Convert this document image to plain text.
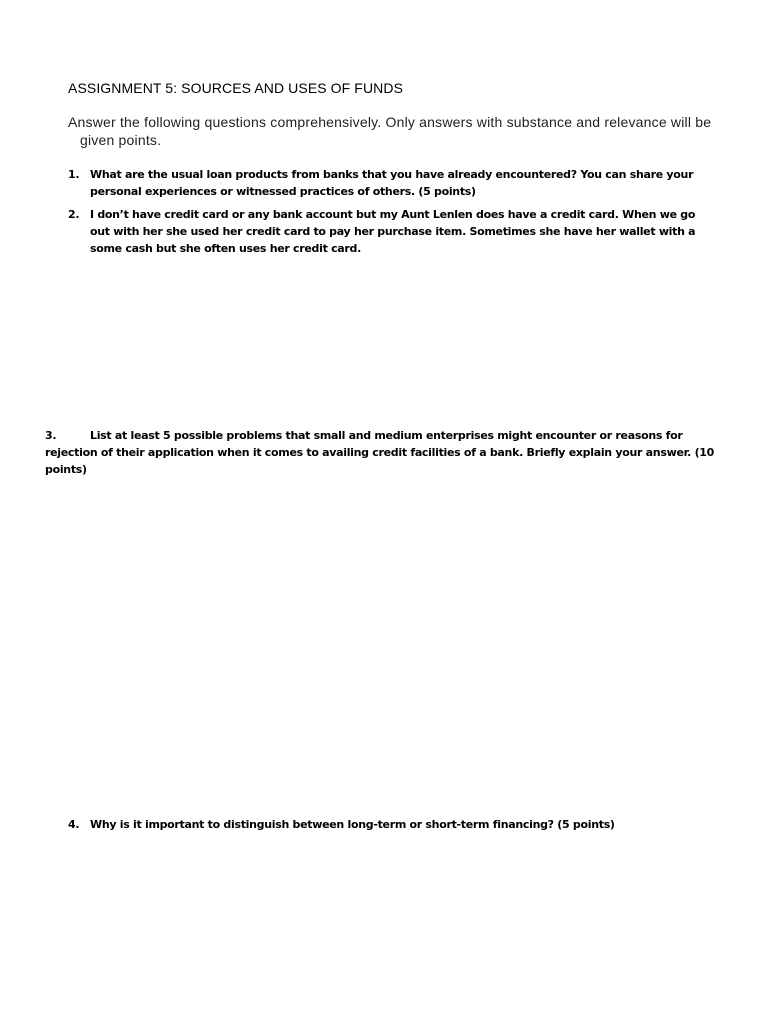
ASSIGNMENT 5: SOURCES AND USES OF FUNDS
Answer the following questions comprehensively. Only answers with substance and relevance will be given points.
1. What are the usual loan products from banks that you have already encountered? You can share your personal experiences or witnessed practices of others. (5 points)
2. I don’t have credit card or any bank account but my Aunt Lenlen does have a credit card. When we go out with her she used her credit card to pay her purchase item. Sometimes she have her wallet with a some cash but she often uses her credit card.
3.	List at least 5 possible problems that small and medium enterprises might encounter or reasons for rejection of their application when it comes to availing credit facilities of a bank. Briefly explain your answer. (10 points)
4. Why is it important to distinguish between long-term or short-term financing? (5 points)
